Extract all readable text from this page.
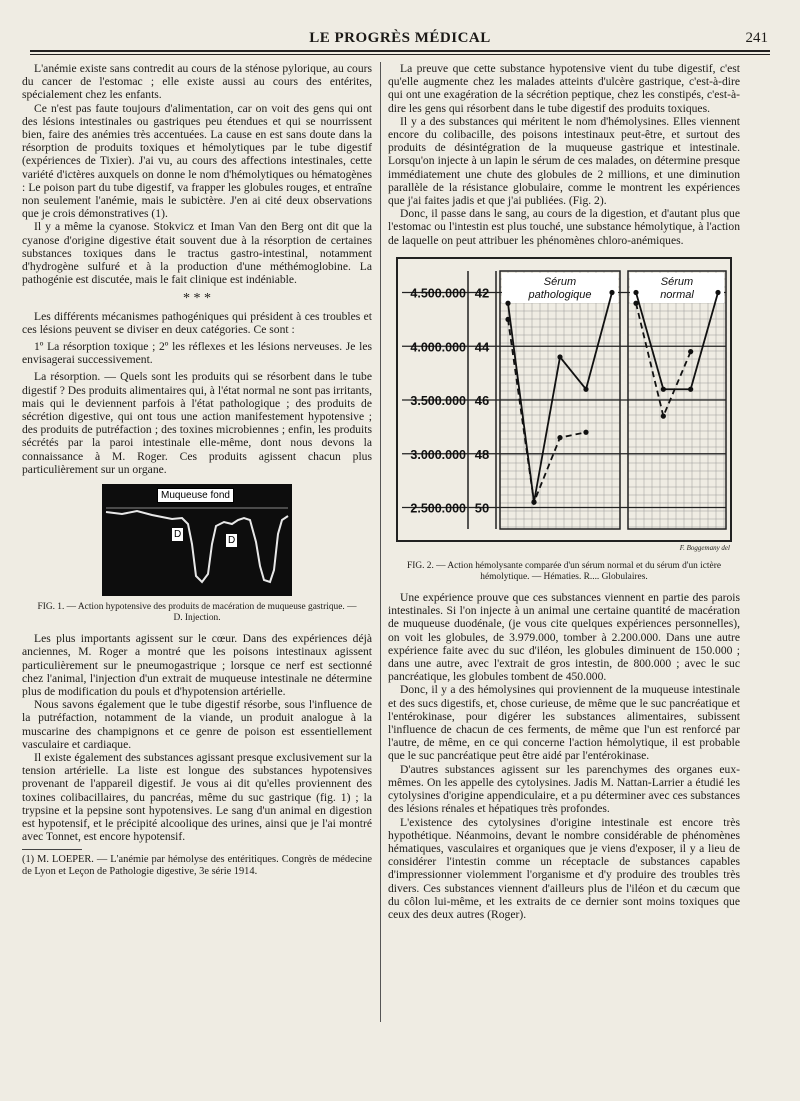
LE PROGRÈS MÉDICAL	241

L'anémie existe sans contredit au cours de la sténose pylorique, au cours du cancer de l'estomac ; elle existe aussi au cours des entérites, spécialement chez les enfants.

Ce n'est pas faute toujours d'alimentation, car on voit des gens qui ont des lésions intestinales ou gastriques peu étendues et qui se nourrissent bien, faire des anémies très accentuées. La cause en est sans doute dans la résorption de produits toxiques et hémolytiques par le tube digestif (expériences de Tixier). J'ai vu, au cours des affections intestinales, cette variété d'ictères auxquels on donne le nom d'hémolytiques ou hématogènes : Le poison part du tube digestif, va frapper les globules rouges, et entraîne non seulement l'anémie, mais le subictère. J'en ai cité deux observations que je crois démonstratives (1).

Il y a même la cyanose. Stokvicz et Iman Van den Berg ont dit que la cyanose d'origine digestive était souvent due à la résorption de certaines substances toxiques dans le tractus gastro-intestinal, notamment d'hydrogène sulfuré et à la production d'une méthémoglobine. La pathogénie est discutée, mais le fait clinique est indéniable.

* * *

Les différents mécanismes pathogéniques qui président à ces troubles et ces lésions peuvent se diviser en deux catégories. Ce sont :

1º La résorption toxique ; 2º les réflexes et les lésions nerveuses. Je les envisagerai successivement.

La résorption. — Quels sont les produits qui se résorbent dans le tube digestif ? Des produits alimentaires qui, à l'état normal ne sont pas irritants, mais qui le deviennent parfois à l'état pathologique ; des produits de sécrétion digestive, qui ont tous une action manifestement hypotensive ; des produits de putréfaction ; des toxines microbiennes ; enfin, les produits sécrétés par la paroi intestinale elle-même, dont nous devons la connaissance à M. Roger. Ces produits agissent chacun plus particulièrement sur un organe.

Muqueuse fond
D
D
FIG. 1. — Action hypotensive des produits de macération de muqueuse gastrique. — D. Injection.

Les plus importants agissent sur le cœur. Dans des expériences déjà anciennes, M. Roger a montré que les poisons intestinaux agissent particulièrement sur le pneumogastrique ; lorsque ce nerf est sectionné chez l'animal, l'injection d'un extrait de muqueuse intestinale ne détermine plus de modification du pouls et d'hypotension artérielle.

Nous savons également que le tube digestif résorbe, sous l'influence de la putréfaction, notamment de la viande, un produit analogue à la muscarine des champignons et ce genre de poison est essentiellement vasculaire et cardiaque.

Il existe également des substances agissant presque exclusivement sur la tension artérielle. La liste est longue des substances hypotensives provenant de l'appareil digestif. Je vous ai dit qu'elles proviennent des toxines colibacillaires, du pancréas, même du suc gastrique (fig. 1) ; la trypsine et la pepsine sont hypotensives. Le sang d'un animal en digestion est hypotensif, et le précipité alcoolique des urines, ainsi que je l'ai montré avec Tonnet, est encore hypotensif.

(1) M. LOEPER. — L'anémie par hémolyse des entéritiques. Congrès de médecine de Lyon et Leçon de Pathologie digestive, 3e série 1914.

La preuve que cette substance hypotensive vient du tube digestif, c'est qu'elle augmente chez les malades atteints d'ulcère gastrique, c'est-à-dire qui ont une exagération de la sécrétion peptique, chez les constipés, c'est-à-dire les gens qui résorbent dans le tube digestif des produits toxiques.

Il y a des substances qui méritent le nom d'hémolysines. Elles viennent encore du colibacille, des poisons intestinaux peut-être, et surtout des produits de désintégration de la muqueuse gastrique et intestinale. Lorsqu'on injecte à un lapin le sérum de ces malades, on détermine presque immédiatement une chute des globules de 2 millions, et une diminution parallèle de la résistance globulaire, comme le montrent les expériences que j'ai faites jadis et que j'ai publiées. (Fig. 2).

Donc, il passe dans le sang, au cours de la digestion, et d'autant plus que l'estomac ou l'intestin est plus touché, une substance hémolytique, à l'action de laquelle on peut attribuer les phénomènes chloro-anémiques.

4.500.000
4.000.000
3.500.000
3.000.000
2.500.000
42
44
46
48
50
Sérum
pathologique
Sérum
normal
F. Boggemany del
FIG. 2. — Action hémolysante comparée d'un sérum normal et du sérum d'un ictère hémolytique. — Hématies. R.... Globulaires.

Une expérience prouve que ces substances viennent en partie des parois intestinales. Si l'on injecte à un animal une certaine quantité de macération de muqueuse duodénale, (je vous cite quelques expériences personnelles), on voit les globules, de 3.979.000, tomber à 2.200.000. Dans une autre expérience faite avec du suc d'iléon, les globules diminuent de 150.000 ; dans une autre, avec l'extrait de gros intestin, de 800.000 ; avec le suc pancréatique, les globules tombent de 450.000.

Donc, il y a des hémolysines qui proviennent de la muqueuse intestinale et des sucs digestifs, et, chose curieuse, de même que le suc pancréatique et l'entérokinase, pour digérer les substances alimentaires, subissent l'influence de chacun de ces ferments, de même que l'un est renforcé par l'autre, de même, en ce qui concerne l'action hémolytique, il est probable que le suc pancréatique peut être aidé par l'entérokinase.

D'autres substances agissent sur les parenchymes des organes eux-mêmes. On les appelle des cytolysines. Jadis M. Nattan-Larrier a étudié les cytolysines d'origine appendiculaire, et a pu déterminer avec ces substances des lésions rénales et hépatiques très profondes.

L'existence des cytolysines d'origine intestinale est encore très hypothétique. Néanmoins, devant le nombre considérable de phénomènes hématiques, vasculaires et organiques que je viens d'exposer, il y a lieu de considérer l'intestin comme un réceptacle de substances capables d'impressionner violemment l'organisme et d'y produire des troubles très divers. Ces substances viennent d'ailleurs plus de l'iléon et du cæcum que du côlon lui-même, et les extraits de ce dernier sont moins toxiques que ceux des deux autres (Roger).
